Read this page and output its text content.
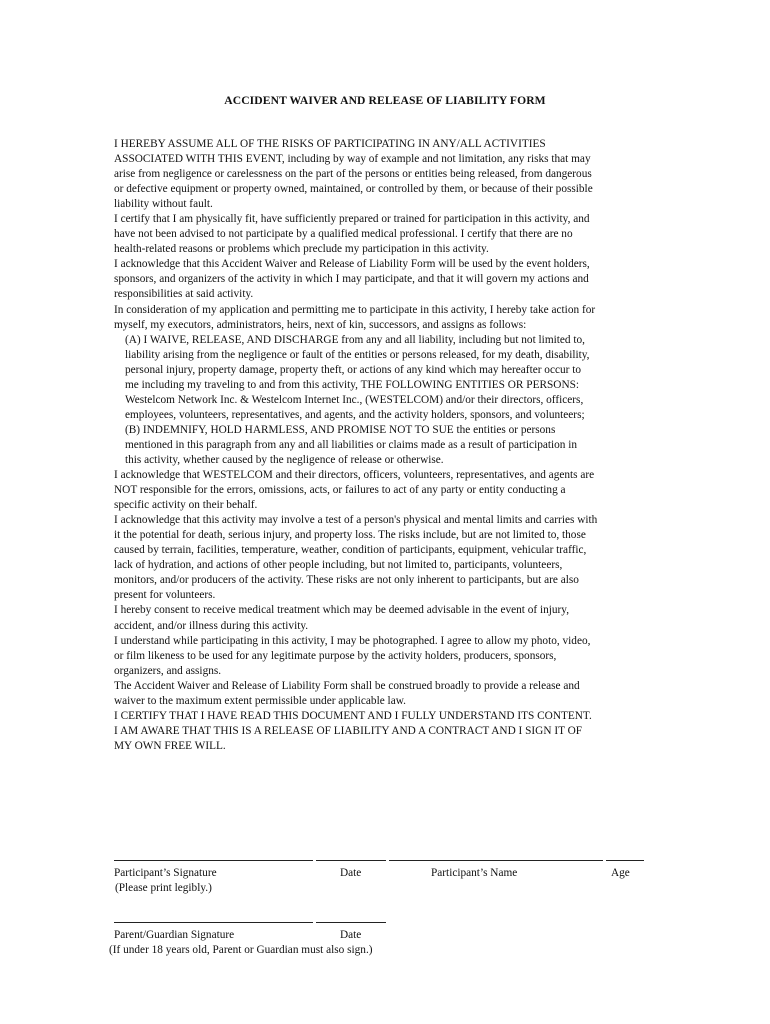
ACCIDENT WAIVER AND RELEASE OF LIABILITY FORM
I HEREBY ASSUME ALL OF THE RISKS OF PARTICIPATING IN ANY/ALL ACTIVITIES
ASSOCIATED WITH THIS EVENT, including by way of example and not limitation, any risks that may
arise from negligence or carelessness on the part of the persons or entities being released, from dangerous
or defective equipment or property owned, maintained, or controlled by them, or because of their possible
liability without fault.
I certify that I am physically fit, have sufficiently prepared or trained for participation in this activity, and
have not been advised to not participate by a qualified medical professional. I certify that there are no
health-related reasons or problems which preclude my participation in this activity.
I acknowledge that this Accident Waiver and Release of Liability Form will be used by the event holders,
sponsors, and organizers of the activity in which I may participate, and that it will govern my actions and
responsibilities at said activity.
In consideration of my application and permitting me to participate in this activity, I hereby take action for
myself, my executors, administrators, heirs, next of kin, successors, and assigns as follows:
(A) I WAIVE, RELEASE, AND DISCHARGE from any and all liability, including but not limited to,
liability arising from the negligence or fault of the entities or persons released, for my death, disability,
personal injury, property damage, property theft, or actions of any kind which may hereafter occur to
me including my traveling to and from this activity, THE FOLLOWING ENTITIES OR PERSONS:
Westelcom Network Inc. & Westelcom Internet Inc., (WESTELCOM) and/or their directors, officers,
employees, volunteers, representatives, and agents, and the activity holders, sponsors, and volunteers;
(B) INDEMNIFY, HOLD HARMLESS, AND PROMISE NOT TO SUE the entities or persons
mentioned in this paragraph from any and all liabilities or claims made as a result of participation in
this activity, whether caused by the negligence of release or otherwise.
I acknowledge that WESTELCOM and their directors, officers, volunteers, representatives, and agents are
NOT responsible for the errors, omissions, acts, or failures to act of any party or entity conducting a
specific activity on their behalf.
I acknowledge that this activity may involve a test of a person's physical and mental limits and carries with
it the potential for death, serious injury, and property loss. The risks include, but are not limited to, those
caused by terrain, facilities, temperature, weather, condition of participants, equipment, vehicular traffic,
lack of hydration, and actions of other people including, but not limited to, participants, volunteers,
monitors, and/or producers of the activity. These risks are not only inherent to participants, but are also
present for volunteers.
I hereby consent to receive medical treatment which may be deemed advisable in the event of injury,
accident, and/or illness during this activity.
I understand while participating in this activity, I may be photographed. I agree to allow my photo, video,
or film likeness to be used for any legitimate purpose by the activity holders, producers, sponsors,
organizers, and assigns.
The Accident Waiver and Release of Liability Form shall be construed broadly to provide a release and
waiver to the maximum extent permissible under applicable law.
I CERTIFY THAT I HAVE READ THIS DOCUMENT AND I FULLY UNDERSTAND ITS CONTENT.
I AM AWARE THAT THIS IS A RELEASE OF LIABILITY AND A CONTRACT AND I SIGN IT OF
MY OWN FREE WILL.
Participant’s Signature	Date	Participant’s Name	Age
(Please print legibly.)
Parent/Guardian Signature	Date
(If under 18 years old, Parent or Guardian must also sign.)
